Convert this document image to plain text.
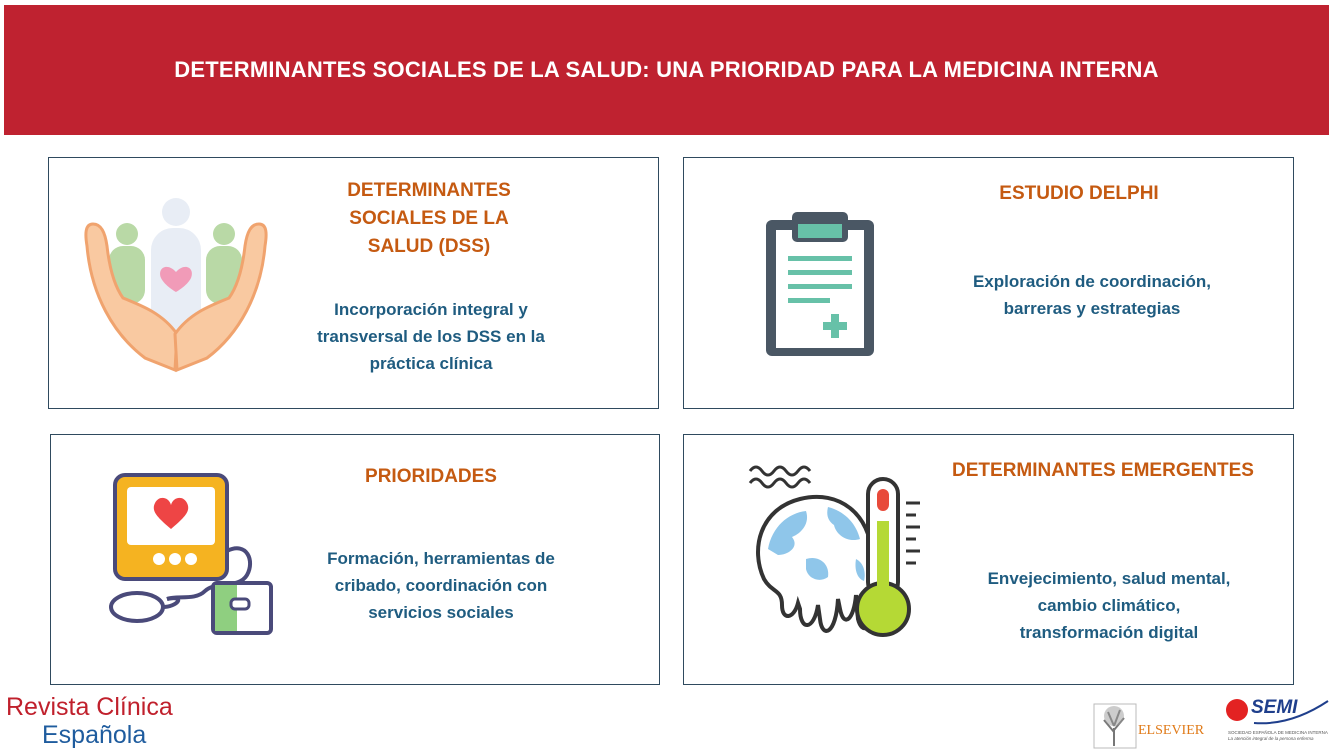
DETERMINANTES SOCIALES DE LA SALUD: UNA PRIORIDAD PARA LA MEDICINA INTERNA
DETERMINANTES
SOCIALES DE LA
SALUD (DSS)
Incorporación integral y
transversal de los DSS en la
práctica clínica
ESTUDIO DELPHI
Exploración de coordinación,
barreras y estrategias
PRIORIDADES
Formación, herramientas de
cribado, coordinación con
servicios sociales
DETERMINANTES EMERGENTES
Envejecimiento, salud mental,
cambio climático,
transformación digital
Revista Clínica
Española	ELSEVIER
SEMI
SOCIEDAD ESPAÑOLA DE MEDICINA INTERNA
La atención integral de la persona enferma
